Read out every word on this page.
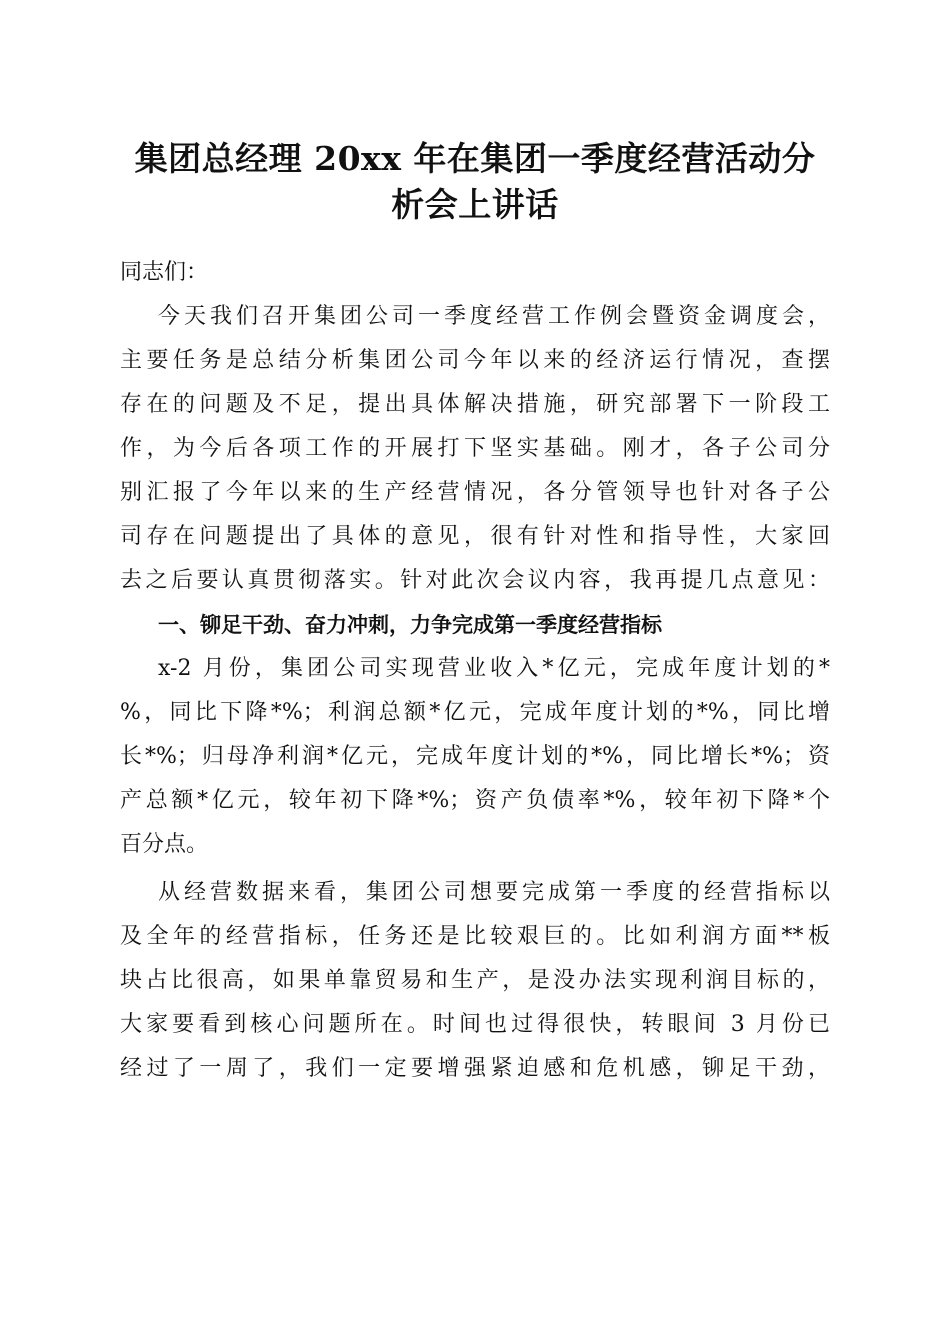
集团总经理 20xx 年在集团一季度经营活动分
析会上讲话

同志们：

今天我们召开集团公司一季度经营工作例会暨资金调度会，
主要任务是总结分析集团公司今年以来的经济运行情况，查摆
存在的问题及不足，提出具体解决措施，研究部署下一阶段工
作，为今后各项工作的开展打下坚实基础。刚才，各子公司分
别汇报了今年以来的生产经营情况，各分管领导也针对各子公
司存在问题提出了具体的意见，很有针对性和指导性，大家回
去之后要认真贯彻落实。针对此次会议内容，我再提几点意见：

一、铆足干劲、奋力冲刺，力争完成第一季度经营指标

x-2 月份，集团公司实现营业收入*亿元，完成年度计划的*
%，同比下降*%；利润总额*亿元，完成年度计划的*%，同比增
长*%；归母净利润*亿元，完成年度计划的*%，同比增长*%；资
产总额*亿元，较年初下降*%；资产负债率*%，较年初下降*个
百分点。
从经营数据来看，集团公司想要完成第一季度的经营指标以
及全年的经营指标，任务还是比较艰巨的。比如利润方面**板
块占比很高，如果单靠贸易和生产，是没办法实现利润目标的，
大家要看到核心问题所在。时间也过得很快，转眼间 3 月份已
经过了一周了，我们一定要增强紧迫感和危机感，铆足干劲，
